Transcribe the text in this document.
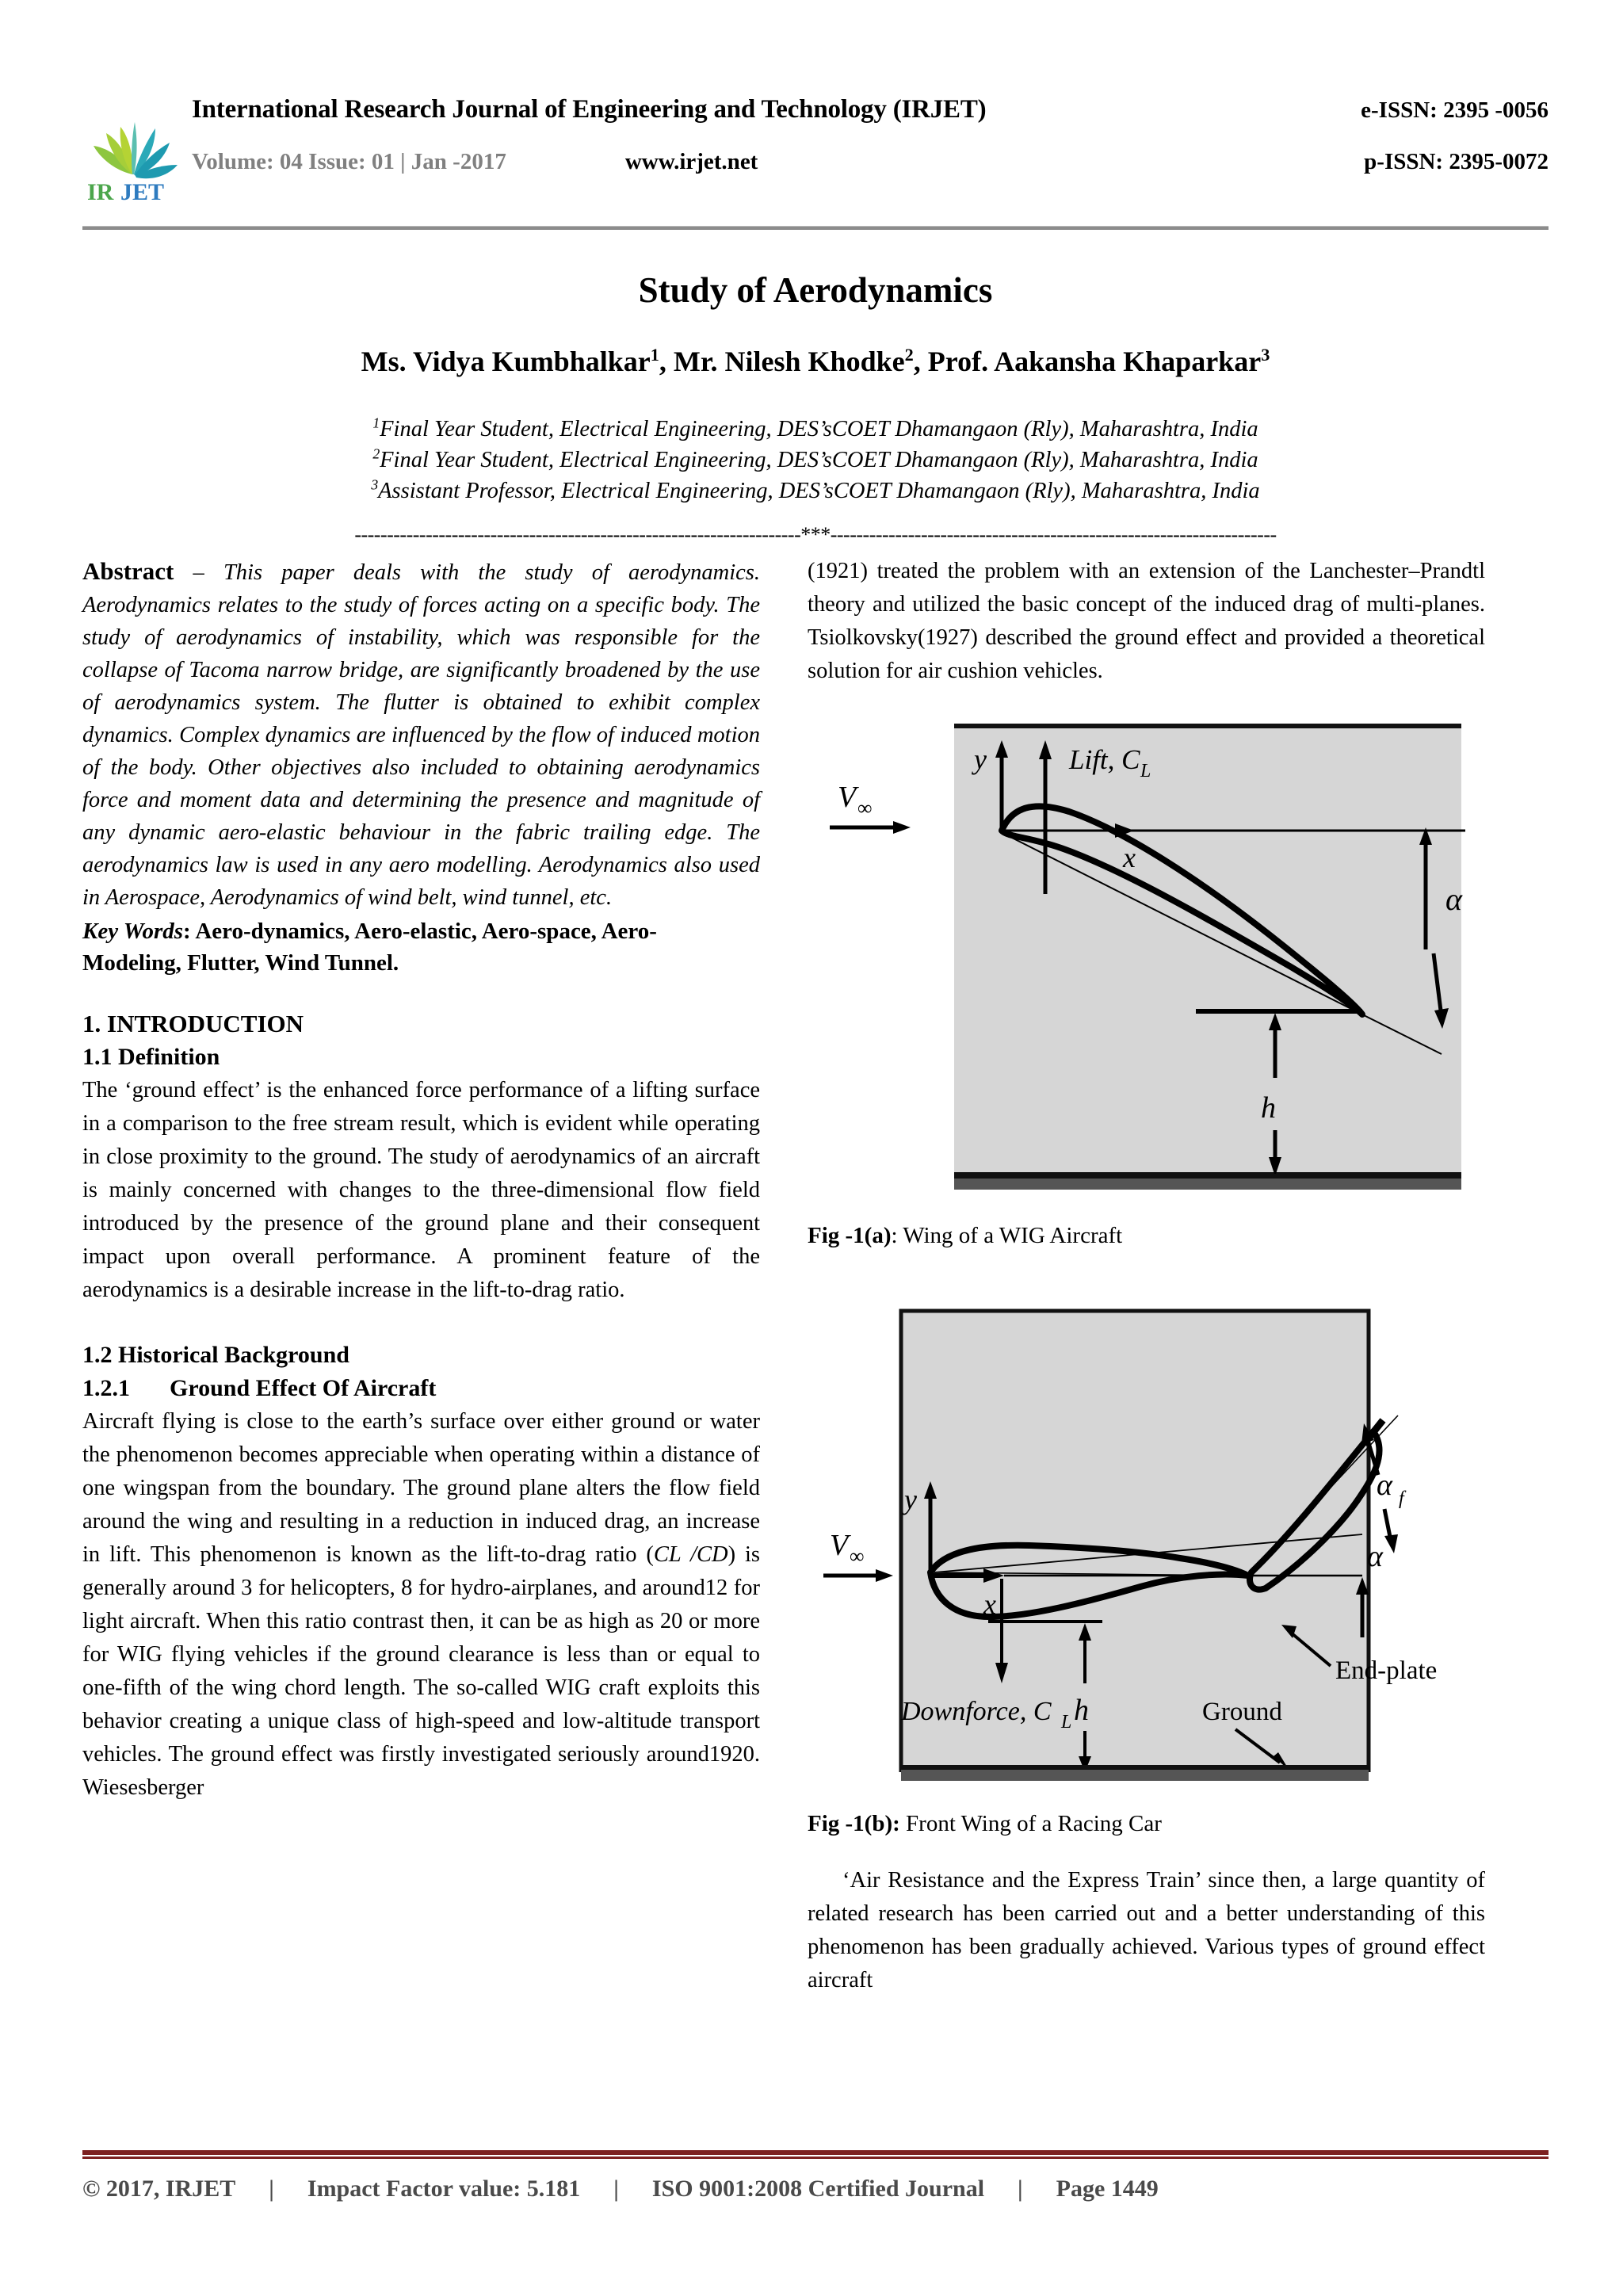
IR JET
International Research Journal of Engineering and Technology (IRJET)	e-ISSN: 2395 -0056
Volume: 04 Issue: 01 | Jan -2017	www.irjet.net	p-ISSN: 2395-0072
Study of Aerodynamics
Ms. Vidya Kumbhalkar$^1$, Mr. Nilesh Khodke$^2$, Prof. Aakansha Khaparkar$^3$
$^1$Final Year Student, Electrical Engineering, DES’sCOET Dhamangaon (Rly), Maharashtra, India
$^2$Final Year Student, Electrical Engineering, DES’sCOET Dhamangaon (Rly), Maharashtra, India
$^3$Assistant Professor, Electrical Engineering, DES’sCOET Dhamangaon (Rly), Maharashtra, India
---------------------------------------------------------------------***---------------------------------------------------------------------

Abstract – This paper deals with the study of aerodynamics. Aerodynamics relates to the study of forces acting on a specific body. The study of aerodynamics of instability, which was responsible for the collapse of Tacoma narrow bridge, are significantly broadened by the use of aerodynamics system. The flutter is obtained to exhibit complex dynamics. Complex dynamics are influenced by the flow of induced motion of the body. Other objectives also included to obtaining aerodynamics force and moment data and determining the presence and magnitude of any dynamic aero-elastic behaviour in the fabric trailing edge. The aerodynamics law is used in any aero modelling. Aerodynamics also used in Aerospace, Aerodynamics of wind belt, wind tunnel, etc.

Key Words: Aero-dynamics, Aero-elastic, Aero-space, Aero- Modeling, Flutter, Wind Tunnel.
1. INTRODUCTION
1.1 Definition

The ‘ground effect’ is the enhanced force performance of a lifting surface in a comparison to the free stream result, which is evident while operating in close proximity to the ground. The study of aerodynamics of an aircraft is mainly concerned with changes to the three-dimensional flow field introduced by the presence of the ground plane and their consequent impact upon overall performance. A prominent feature of the aerodynamics is a desirable increase in the lift-to-drag ratio.

1.2 Historical Background
1.2.1 Ground Effect Of Aircraft

Aircraft flying is close to the earth’s surface over either ground or water the phenomenon becomes appreciable when operating within a distance of one wingspan from the boundary. The ground plane alters the flow field around the wing and resulting in a reduction in induced drag, an increase in lift. This phenomenon is known as the lift-to-drag ratio (CL /CD) is generally around 3 for helicopters, 8 for hydro-airplanes, and around12 for light aircraft. When this ratio contrast then, it can be as high as 20 or more for WIG flying vehicles if the ground clearance is less than or equal to one-fifth of the wing chord length. The so-called WIG craft exploits this behavior creating a unique class of high-speed and low-altitude transport vehicles. The ground effect was firstly investigated seriously around1920. Wiesesberger

(1921) treated the problem with an extension of the Lanchester–Prandtl theory and utilized the basic concept of the induced drag of multi-planes. Tsiolkovsky(1927) described the ground effect and provided a theoretical solution for air cushion vehicles.

V ∞
y
x
Lift, C L
α
h
Fig -1(a): Wing of a WIG Aircraft
V ∞
y
x
α f
α
h
End-plate
Ground
Downforce, C L
Fig -1(b): Front Wing of a Racing Car

‘Air Resistance and the Express Train’ since then, a large quantity of related research has been carried out and a better understanding of this phenomenon has been gradually achieved. Various types of ground effect aircraft

© 2017, IRJET	|	Impact Factor value: 5.181	|	ISO 9001:2008 Certified Journal	|	Page 1449
